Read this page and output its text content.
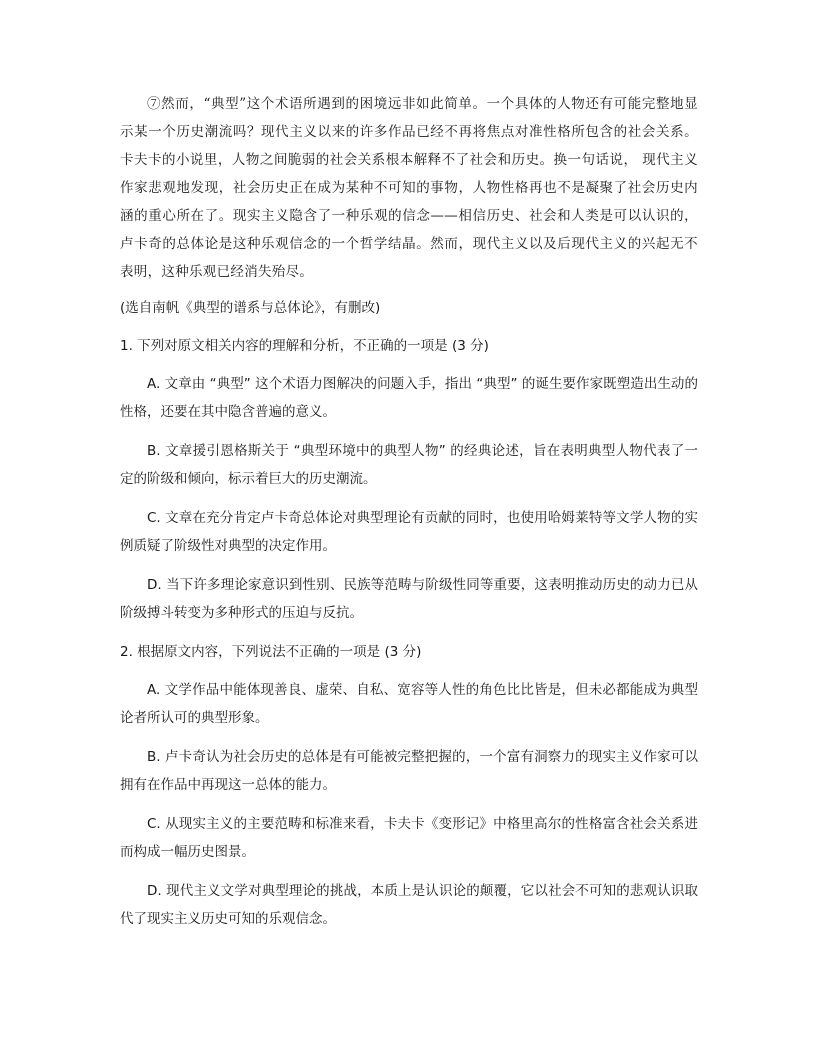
⑦然而，“典型”这个术语所遇到的困境远非如此简单。一个具体的人物还有可能完整地显示某一个历史潮流吗？现代主义以来的许多作品已经不再将焦点对准性格所包含的社会关系。卡夫卡的小说里，人物之间脆弱的社会关系根本解释不了社会和历史。换一句话说， 现代主义作家悲观地发现，社会历史正在成为某种不可知的事物，人物性格再也不是凝聚了社会历史内涵的重心所在了。现实主义隐含了一种乐观的信念——相信历史、社会和人类是可以认识的，卢卡奇的总体论是这种乐观信念的一个哲学结晶。然而，现代主义以及后现代主义的兴起无不表明，这种乐观已经消失殆尽。

(选自南帆《典型的谱系与总体论》，有删改)

1. 下列对原文相关内容的理解和分析，不正确的一项是 (3 分)

A. 文章由 “典型” 这个术语力图解决的问题入手，指出 “典型” 的诞生要作家既塑造出生动的性格，还要在其中隐含普遍的意义。

B. 文章援引恩格斯关于 “典型环境中的典型人物” 的经典论述，旨在表明典型人物代表了一定的阶级和倾向，标示着巨大的历史潮流。

C. 文章在充分肯定卢卡奇总体论对典型理论有贡献的同时，也使用哈姆莱特等文学人物的实例质疑了阶级性对典型的决定作用。

D. 当下许多理论家意识到性别、民族等范畴与阶级性同等重要，这表明推动历史的动力已从阶级搏斗转变为多种形式的压迫与反抗。

2. 根据原文内容，下列说法不正确的一项是 (3 分)

A. 文学作品中能体现善良、虚荣、自私、宽容等人性的角色比比皆是，但未必都能成为典型论者所认可的典型形象。

B. 卢卡奇认为社会历史的总体是有可能被完整把握的，一个富有洞察力的现实主义作家可以拥有在作品中再现这一总体的能力。

C. 从现实主义的主要范畴和标准来看，卡夫卡《变形记》中格里高尔的性格富含社会关系进而构成一幅历史图景。

D. 现代主义文学对典型理论的挑战，本质上是认识论的颠覆，它以社会不可知的悲观认识取代了现实主义历史可知的乐观信念。
